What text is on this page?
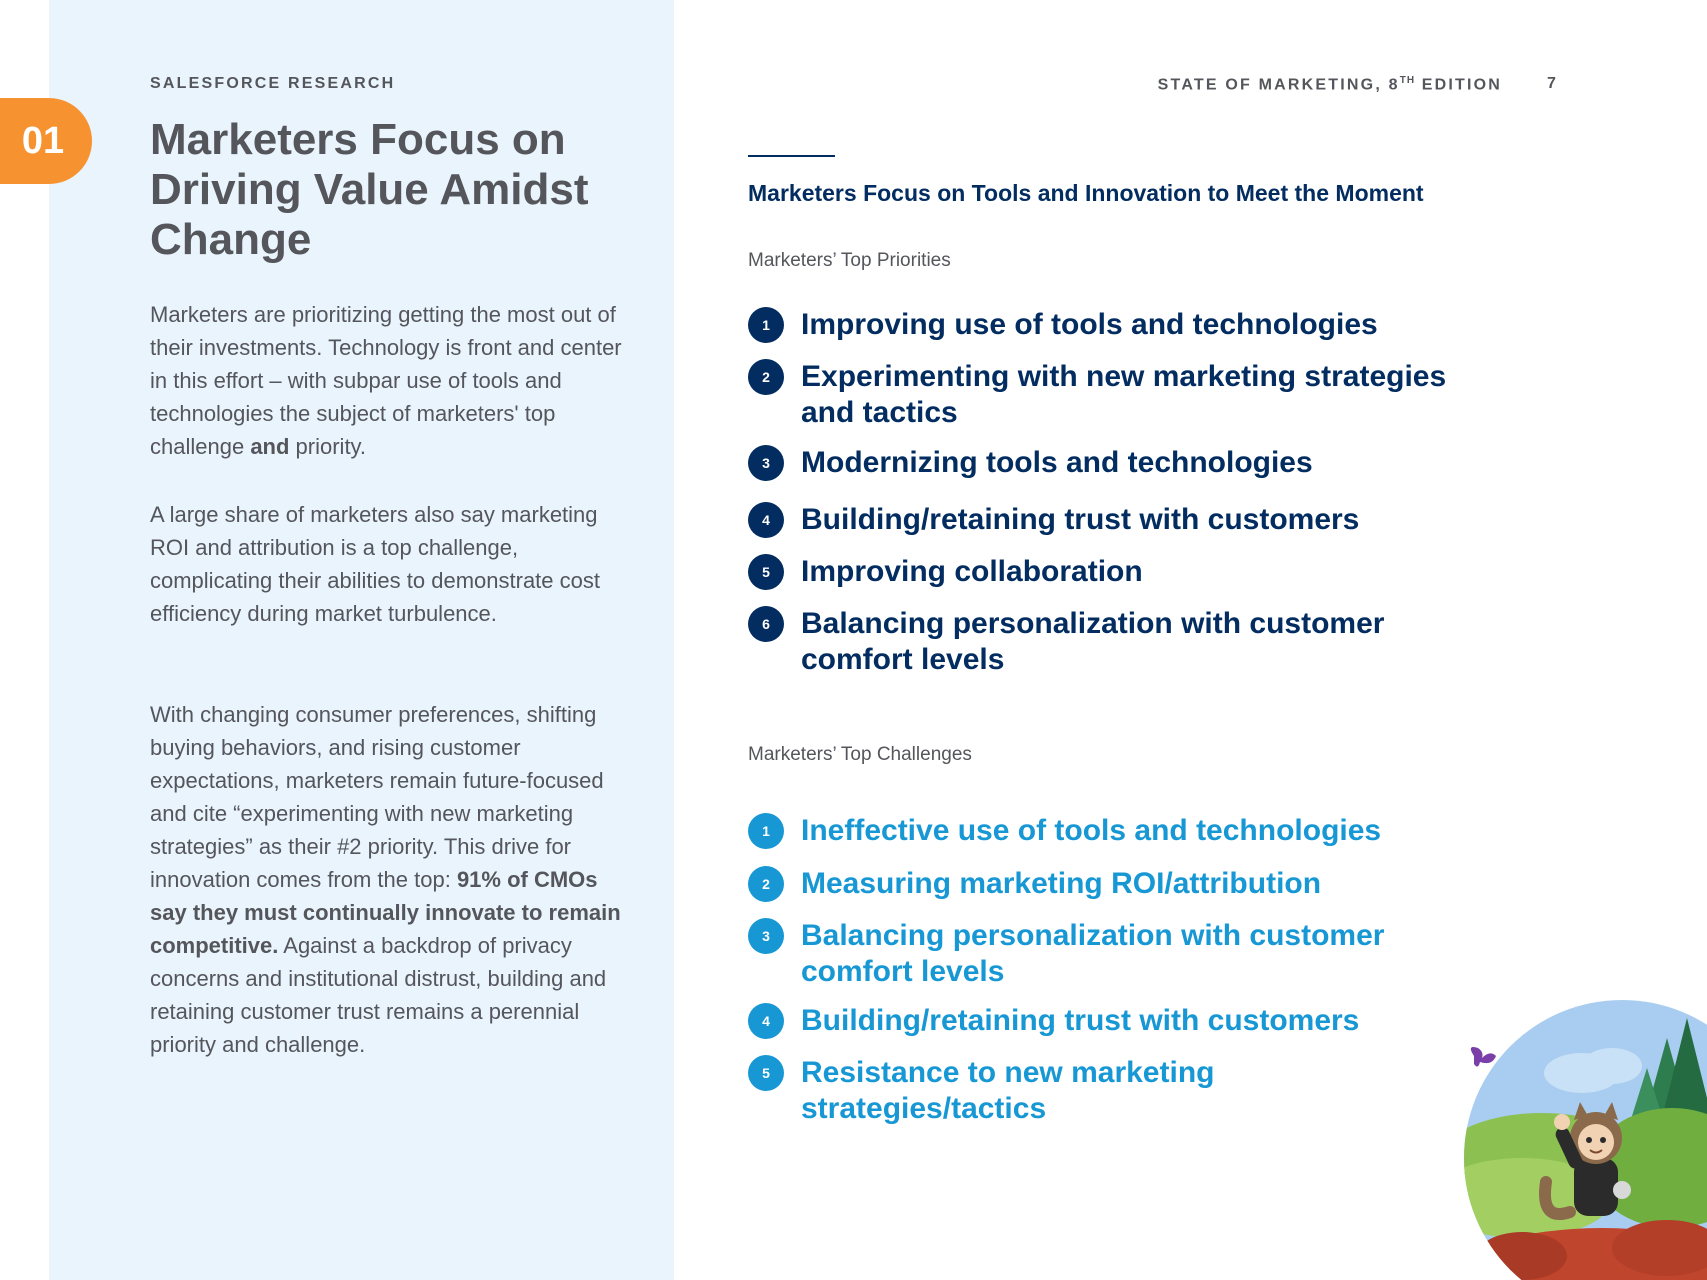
01
SALESFORCE RESEARCH	STATE OF MARKETING, 8TH EDITION	7
Marketers Focus on Driving Value Amidst Change

Marketers are prioritizing getting the most out of their investments. Technology is front and center in this effort – with subpar use of tools and technologies the subject of marketers' top challenge and priority.

A large share of marketers also say marketing ROI and attribution is a top challenge, complicating their abilities to demonstrate cost efficiency during market turbulence.

With changing consumer preferences, shifting buying behaviors, and rising customer expectations, marketers remain future-focused and cite “experimenting with new marketing strategies” as their #2 priority. This drive for innovation comes from the top: 91% of CMOs say they must continually innovate to remain competitive. Against a backdrop of privacy concerns and institutional distrust, building and retaining customer trust remains a perennial priority and challenge.

Marketers Focus on Tools and Innovation to Meet the Moment
Marketers’ Top Priorities
1	Improving use of tools and technologies
2	Experimenting with new marketing strategies and tactics
3	Modernizing tools and technologies
4	Building/retaining trust with customers
5	Improving collaboration
6	Balancing personalization with customer comfort levels
Marketers’ Top Challenges
1	Ineffective use of tools and technologies
2	Measuring marketing ROI/attribution
3	Balancing personalization with customer comfort levels
4	Building/retaining trust with customers
5	Resistance to new marketing strategies/tactics
